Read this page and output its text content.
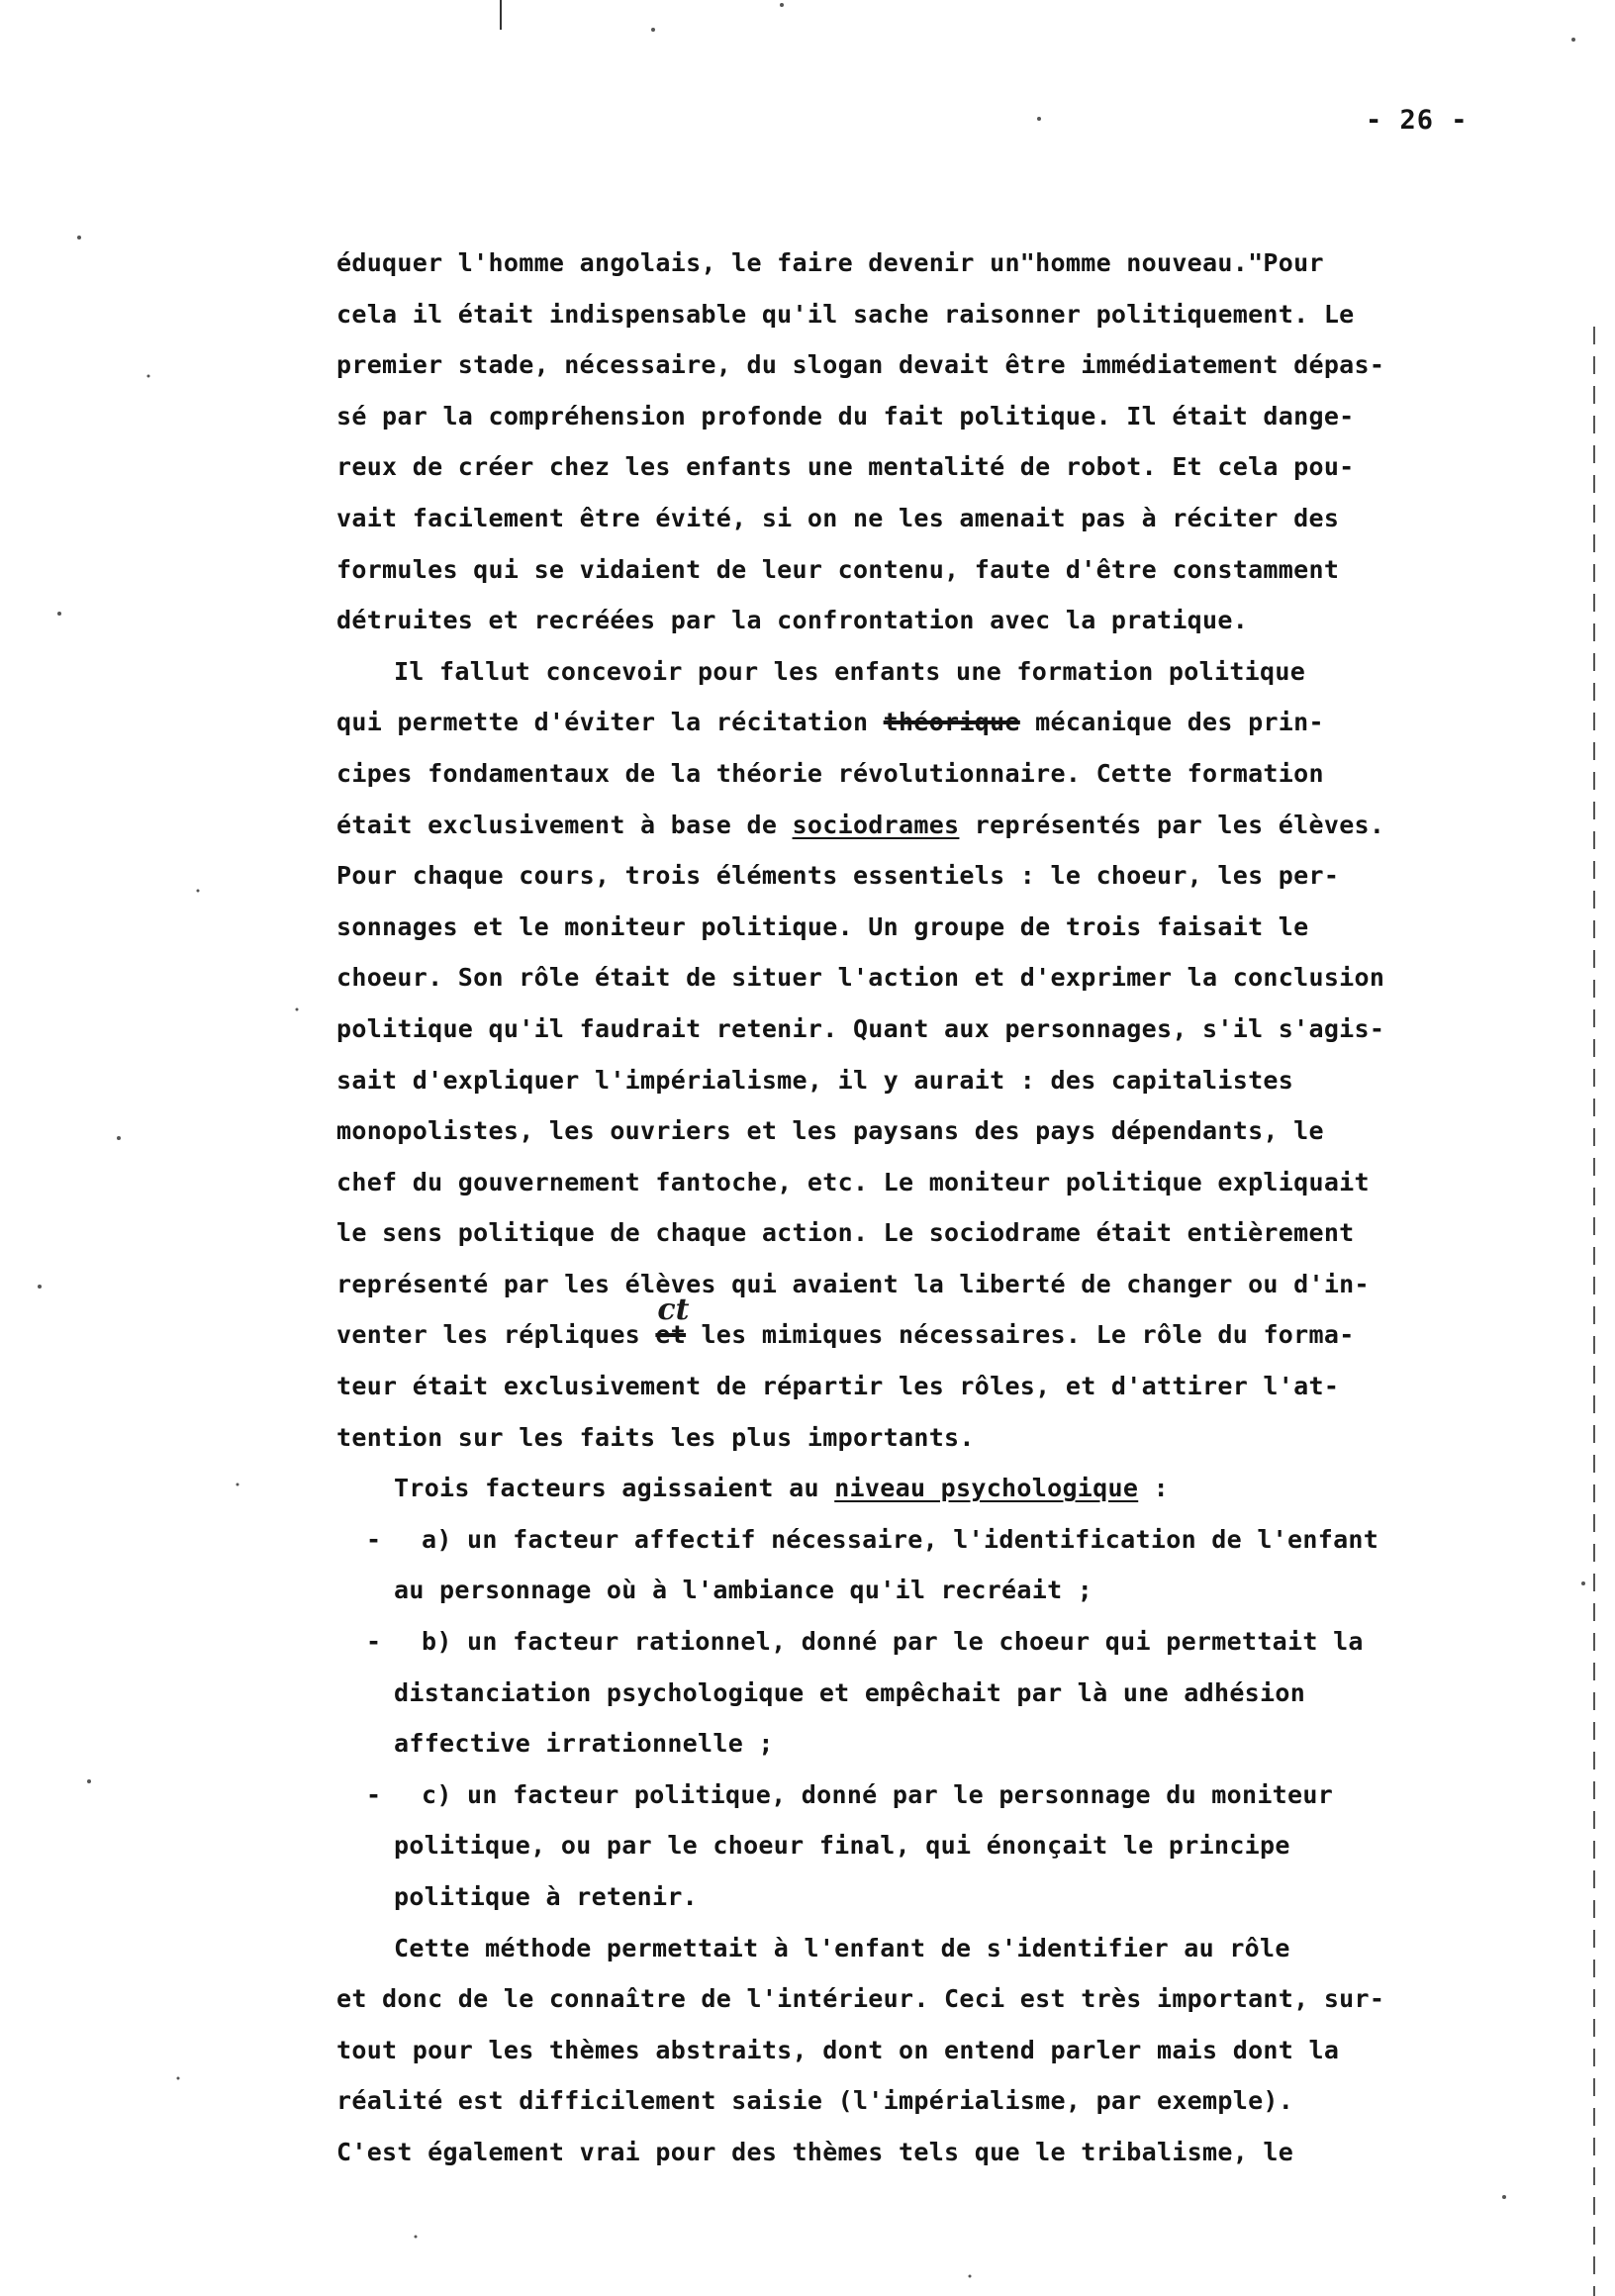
- 26 -
éduquer l'homme angolais, le faire devenir un"homme nouveau."Pour
cela il était indispensable qu'il sache raisonner politiquement. Le
premier stade, nécessaire, du slogan devait être immédiatement dépas-
sé par la compréhension profonde du fait politique. Il était dange-
reux de créer chez les enfants une mentalité de robot. Et cela pou-
vait facilement être évité, si on ne les amenait pas à réciter des
formules qui se vidaient de leur contenu, faute d'être constamment
détruites et recréées par la confrontation avec la pratique.
Il fallut concevoir pour les enfants une formation politique
qui permette d'éviter la récitation théorique mécanique des prin-
cipes fondamentaux de la théorie révolutionnaire. Cette formation
était exclusivement à base de sociodrames représentés par les élèves.
Pour chaque cours, trois éléments essentiels : le choeur, les per-
sonnages et le moniteur politique. Un groupe de trois faisait le
choeur. Son rôle était de situer l'action et d'exprimer la conclusion
politique qu'il faudrait retenir. Quant aux personnages, s'il s'agis-
sait d'expliquer l'impérialisme, il y aurait : des capitalistes
monopolistes, les ouvriers et les paysans des pays dépendants, le
chef du gouvernement fantoche, etc. Le moniteur politique expliquait
le sens politique de chaque action. Le sociodrame était entièrement
représenté par les élèves qui avaient la liberté de changer ou d'in-
venter les répliques et les mimiques nécessaires. Le rôle du forma-
teur était exclusivement de répartir les rôles, et d'attirer l'at-
tention sur les faits les plus importants.
Trois facteurs agissaient au niveau psychologique :
- a) un facteur affectif nécessaire, l'identification de l'enfant
au personnage où à l'ambiance qu'il recréait ;
- b) un facteur rationnel, donné par le choeur qui permettait la
distanciation psychologique et empêchait par là une adhésion
affective irrationnelle ;
- c) un facteur politique, donné par le personnage du moniteur
politique, ou par le choeur final, qui énonçait le principe
politique à retenir.
Cette méthode permettait à l'enfant de s'identifier au rôle
et donc de le connaître de l'intérieur. Ceci est très important, sur-
tout pour les thèmes abstraits, dont on entend parler mais dont la
réalité est difficilement saisie (l'impérialisme, par exemple).
C'est également vrai pour des thèmes tels que le tribalisme, le
ct
